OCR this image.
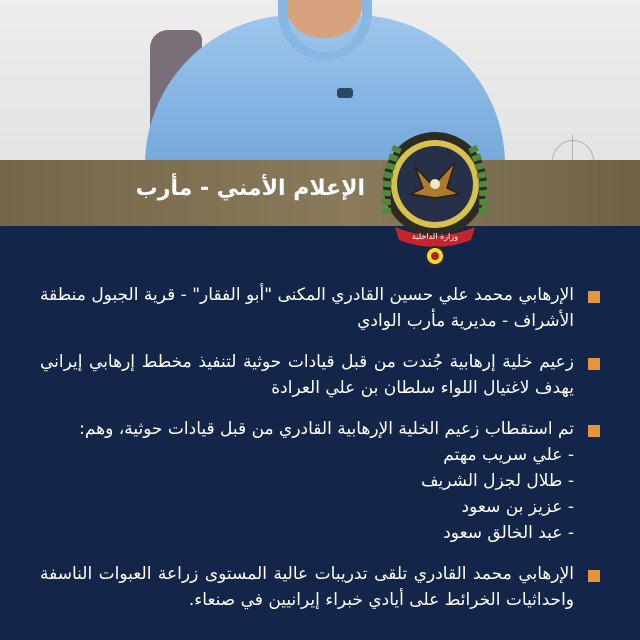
الإعلام الأمني - مأرب
وزارة الداخلية
الإرهابي محمد علي حسين القادري المكنى "أبو الفقار" - قرية الجبول منطقة الأشراف - مديرية مأرب الوادي
زعيم خلية إرهابية جُندت من قبل قيادات حوثية لتنفيذ مخطط إرهابي إيراني يهدف لاغتيال اللواء سلطان بن علي العرادة
تم استقطاب زعيم الخلية الإرهابية القادري من قبل قيادات حوثية، وهم:
- علي سريب مهتم
- طلال لجزل الشريف
- عزيز بن سعود
- عبد الخالق سعود
الإرهابي محمد القادري تلقى تدريبات عالية المستوى زراعة العبوات الناسفة واحداثيات الخرائط على أيادي خبراء إيرانيين في صنعاء.
